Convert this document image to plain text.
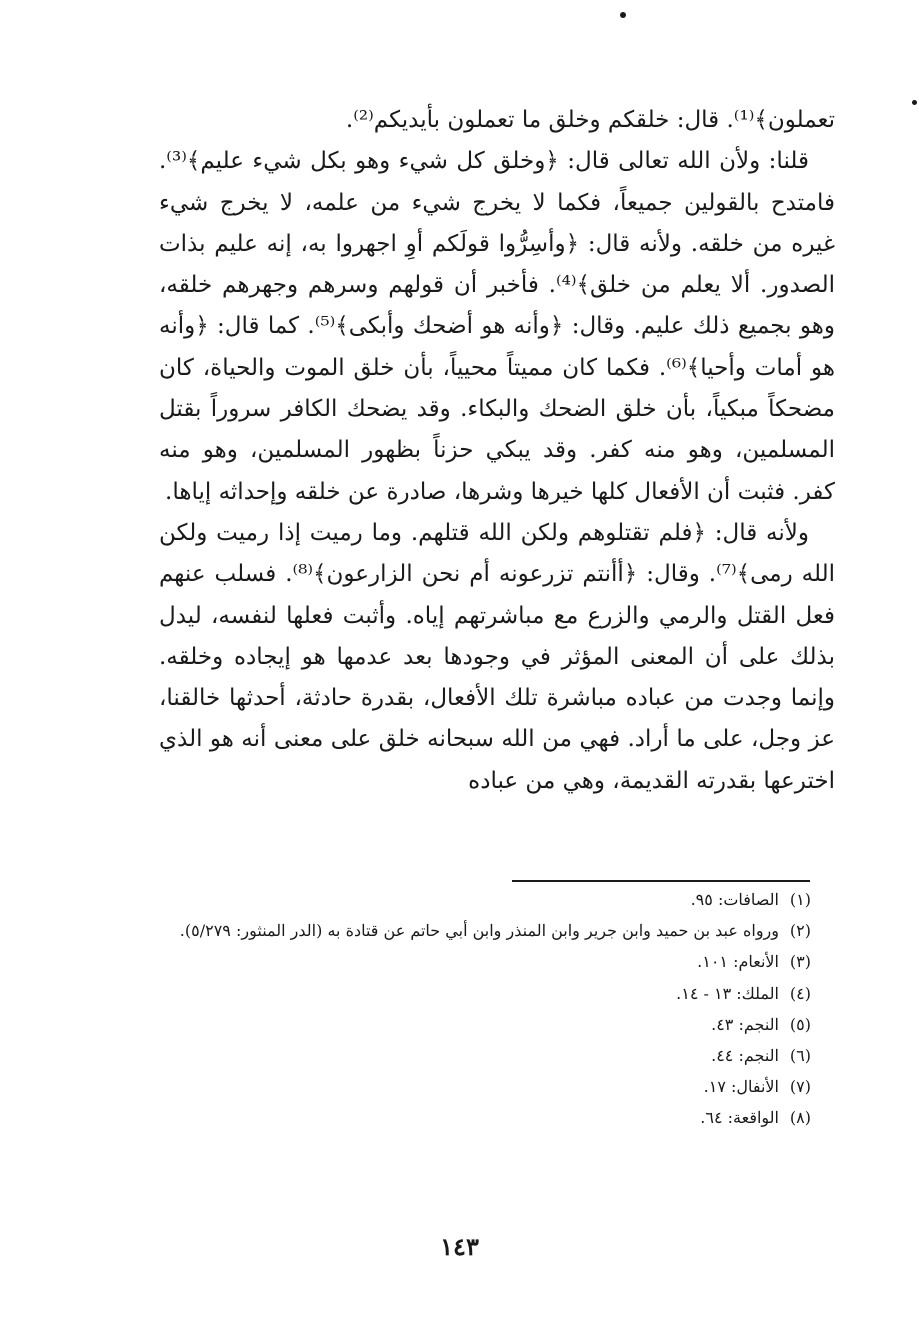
تعملون﴾⁽¹⁾. قال: خلقكم وخلق ما تعملون بأيديكم⁽²⁾.

قلنا: ولأن الله تعالى قال: ﴿وخلق كل شيء وهو بكل شيء عليم﴾⁽³⁾. فامتدح بالقولين جميعاً، فكما لا يخرج شيء من علمه، لا يخرج شيء غيره من خلقه. ولأنه قال: ﴿وأسِرُّوا قولَكم أوِ اجهروا به، إنه عليم بذات الصدور. ألا يعلم من خلق﴾⁽⁴⁾. فأخبر أن قولهم وسرهم وجهرهم خلقه، وهو بجميع ذلك عليم. وقال: ﴿وأنه هو أضحك وأبكى﴾⁽⁵⁾. كما قال: ﴿وأنه هو أمات وأحيا﴾⁽⁶⁾. فكما كان مميتاً محيياً، بأن خلق الموت والحياة، كان مضحكاً مبكياً، بأن خلق الضحك والبكاء. وقد يضحك الكافر سروراً بقتل المسلمين، وهو منه كفر. وقد يبكي حزناً بظهور المسلمين، وهو منه كفر. فثبت أن الأفعال كلها خيرها وشرها، صادرة عن خلقه وإحداثه إياها.

ولأنه قال: ﴿فلم تقتلوهم ولكن الله قتلهم. وما رميت إذا رميت ولكن الله رمى﴾⁽⁷⁾. وقال: ﴿أأنتم تزرعونه أم نحن الزارعون﴾⁽⁸⁾. فسلب عنهم فعل القتل والرمي والزرع مع مباشرتهم إياه. وأثبت فعلها لنفسه، ليدل بذلك على أن المعنى المؤثر في وجودها بعد عدمها هو إيجاده وخلقه. وإنما وجدت من عباده مباشرة تلك الأفعال، بقدرة حادثة، أحدثها خالقنا، عز وجل، على ما أراد. فهي من الله سبحانه خلق على معنى أنه هو الذي اخترعها بقدرته القديمة، وهي من عباده

(١)
الصافات: ٩٥.
(٢)
ورواه عبد بن حميد وابن جرير وابن المنذر وابن أبي حاتم عن قتادة به (الدر المنثور: ٥/٢٧٩).
(٣)
الأنعام: ١٠١.
(٤)
الملك: ١٣ - ١٤.
(٥)
النجم: ٤٣.
(٦)
النجم: ٤٤.
(٧)
الأنفال: ١٧.
(٨)
الواقعة: ٦٤.
١٤٣
